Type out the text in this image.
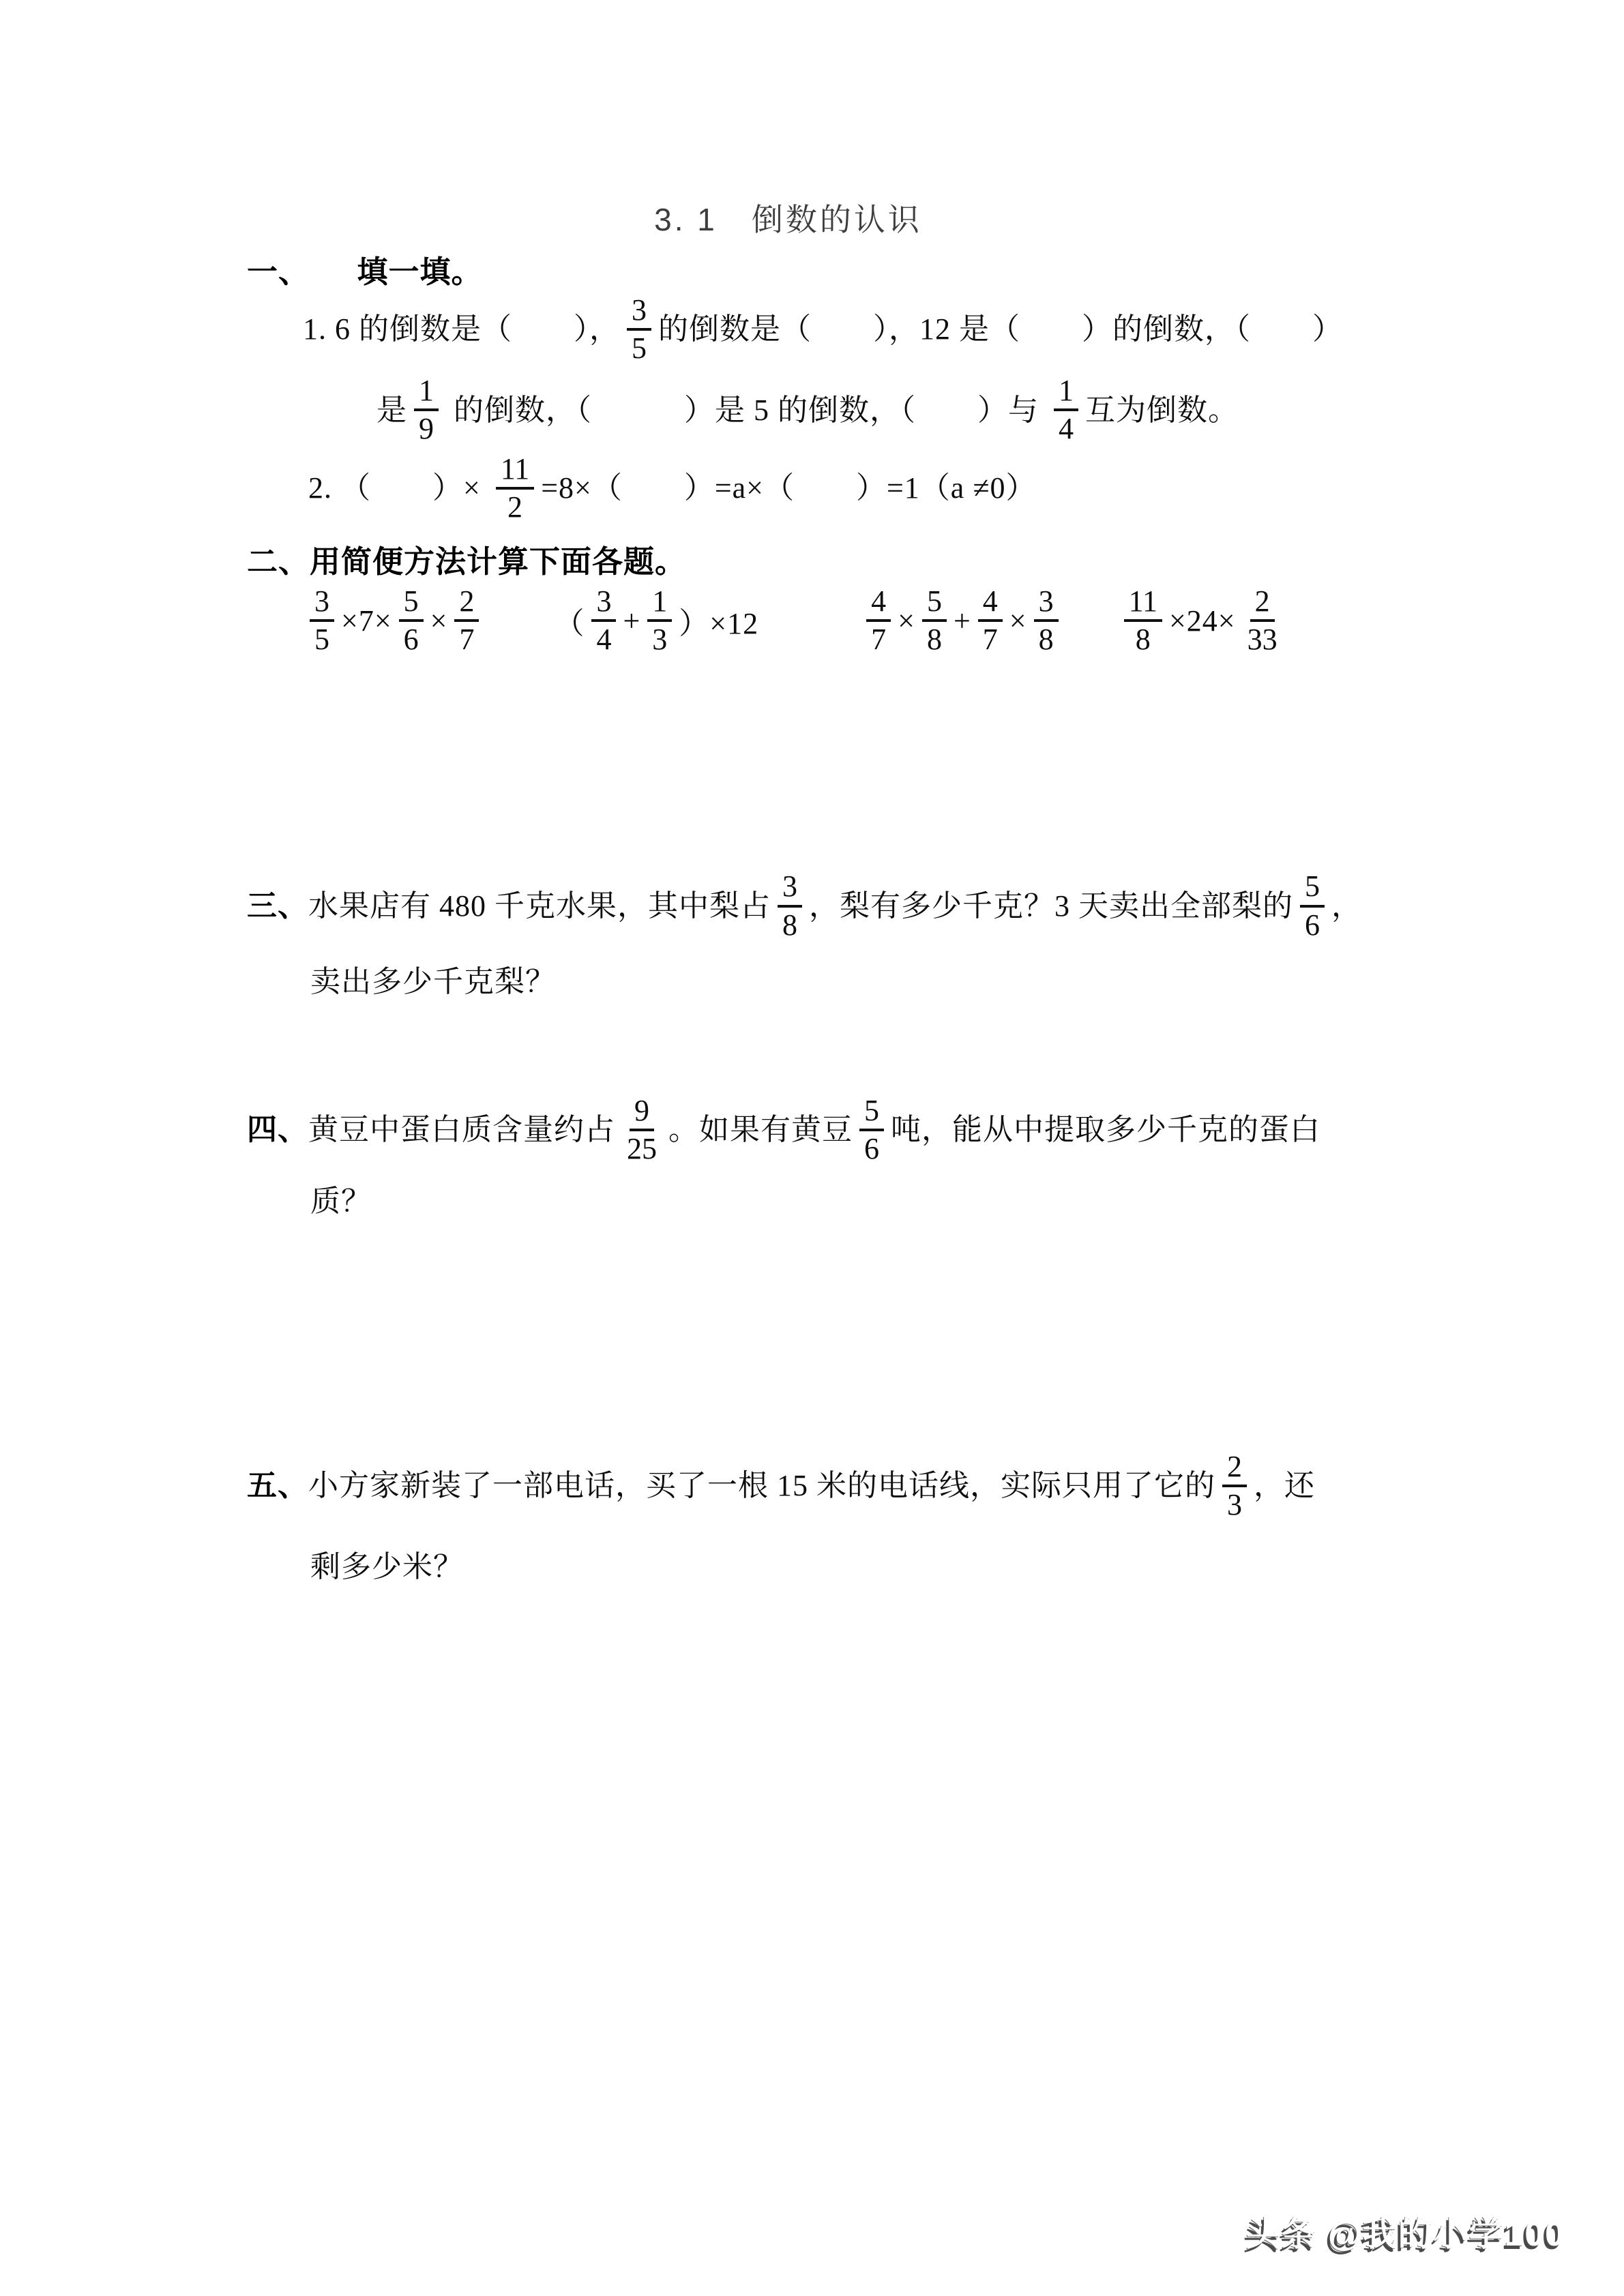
3. 1　倒数的认识
一、　　填一填。
1. 6 的倒数是（　　）， $\frac{3}{5}$ 的倒数是（　　），12 是（　　）的倒数，（　　）
是 $\frac{1}{9}$ 的倒数，（　　　）是 5 的倒数，（　　）与 $\frac{1}{4}$ 互为倒数。
2. （　　）× $\frac{11}{2} =8\times$（　　）=a×（　　）=1（a ≠0）
二、用简便方法计算下面各题。
$\frac{3}{5} \times 7\times \frac{5}{6} \times \frac{2}{7}$	（ $\frac{3}{4} + \frac{1}{3} )\times 12$	$\frac{4}{7} \times \frac{5}{8} + \frac{4}{7} \times \frac{3}{8} \frac{11}{8} \times 24\times \frac{2}{33}$
三、 水果店有 480 千克水果，其中梨占 $\frac{3}{8}$ ，梨有多少千克？3 天卖出全部梨的 $\frac{5}{6}$ ，
卖出多少千克梨？
四、 黄豆中蛋白质含量约占 $\frac{9}{25}$ 。如果有黄豆 $\frac{5}{6}$ 吨，能从中提取多少千克的蛋白
质？
五、 小方家新装了一部电话，买了一根 15 米的电话线，实际只用了它的 $\frac{2}{3}$ ，还
剩多少米？
头条 @我的小学100
